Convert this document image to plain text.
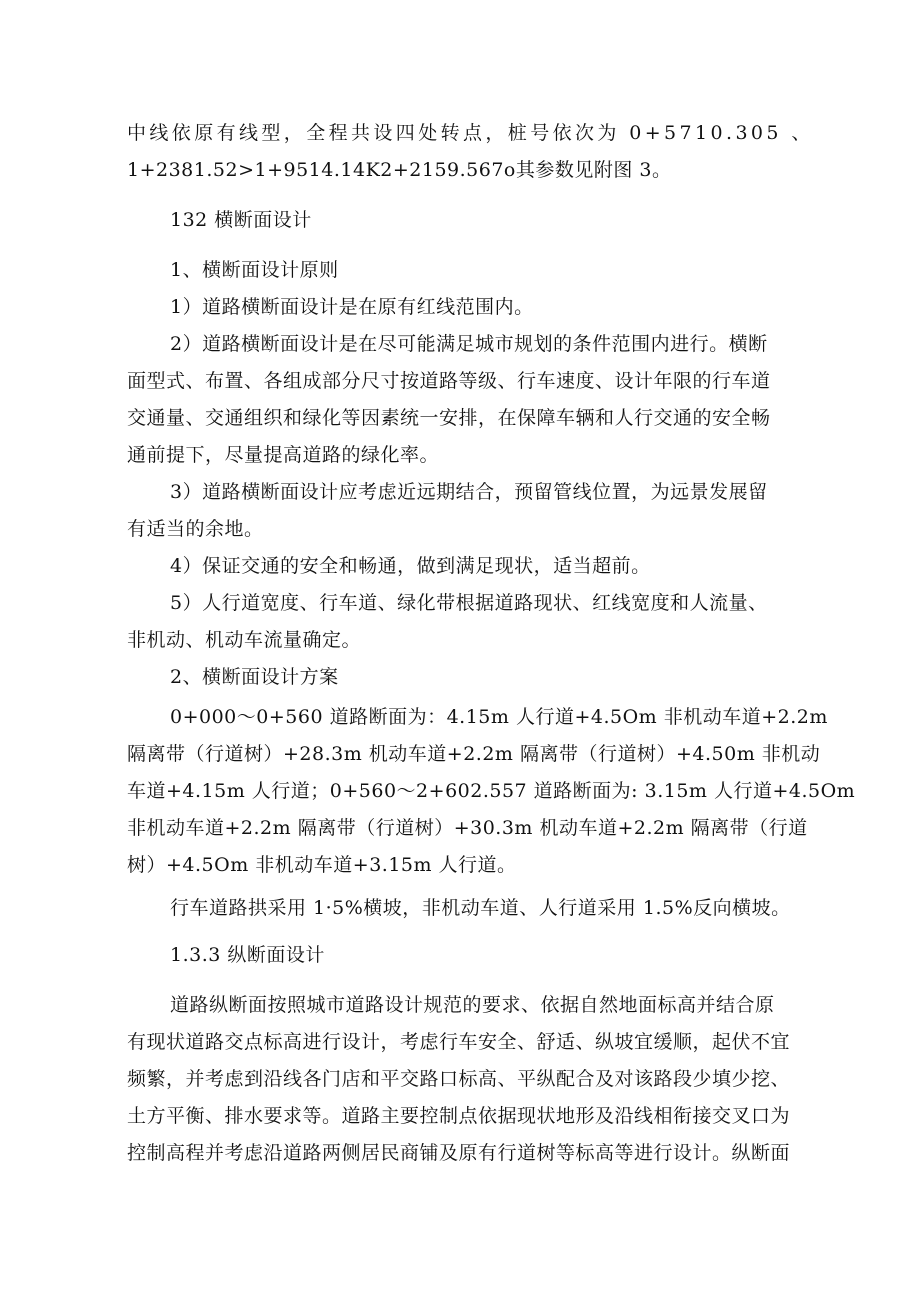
中线依原有线型，全程共设四处转点，桩号依次为 0+5710.305 、
1+2381.52>1+9514.14K2+2159.567o其参数见附图 3。
132 横断面设计
1、横断面设计原则
1）道路横断面设计是在原有红线范围内。
2）道路横断面设计是在尽可能满足城市规划的条件范围内进行。横断
面型式、布置、各组成部分尺寸按道路等级、行车速度、设计年限的行车道
交通量、交通组织和绿化等因素统一安排，在保障车辆和人行交通的安全畅
通前提下，尽量提高道路的绿化率。
3）道路横断面设计应考虑近远期结合，预留管线位置，为远景发展留
有适当的余地。
4）保证交通的安全和畅通，做到满足现状，适当超前。
5）人行道宽度、行车道、绿化带根据道路现状、红线宽度和人流量、
非机动、机动车流量确定。
2、横断面设计方案
0+000～0+560 道路断面为：4.15m 人行道+4.5Om 非机动车道+2.2m
隔离带（行道树）+28.3m 机动车道+2.2m 隔离带（行道树）+4.50m 非机动
车道+4.15m 人行道；0+560～2+602.557 道路断面为: 3.15m 人行道+4.5Om
非机动车道+2.2m 隔离带（行道树）+30.3m 机动车道+2.2m 隔离带（行道
树）+4.5Om 非机动车道+3.15m 人行道。
行车道路拱采用 1·5%横坡，非机动车道、人行道采用 1.5%反向横坡。
1.3.3 纵断面设计
道路纵断面按照城市道路设计规范的要求、依据自然地面标高并结合原
有现状道路交点标高进行设计，考虑行车安全、舒适、纵坡宜缓顺，起伏不宜
频繁，并考虑到沿线各门店和平交路口标高、平纵配合及对该路段少填少挖、
土方平衡、排水要求等。道路主要控制点依据现状地形及沿线相衔接交叉口为
控制高程并考虑沿道路两侧居民商铺及原有行道树等标高等进行设计。纵断面
